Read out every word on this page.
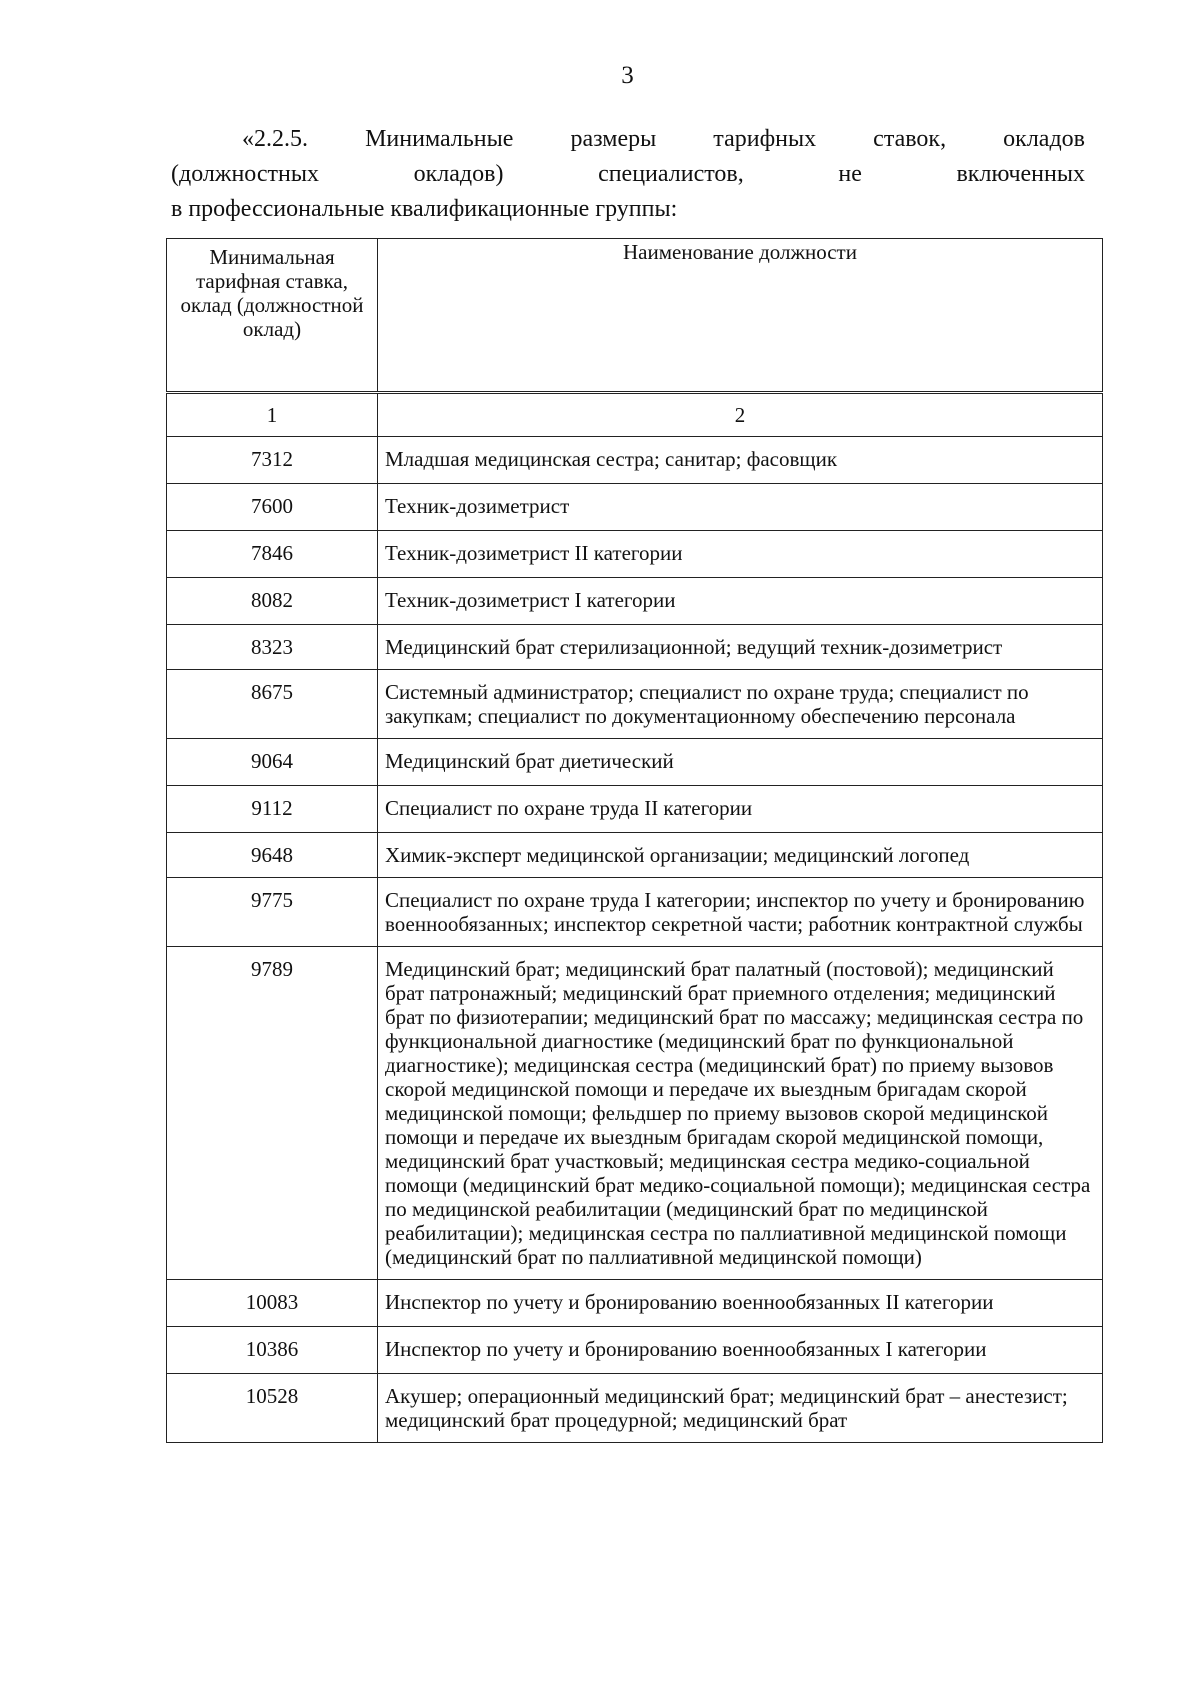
3
«2.2.5. Минимальные размеры тарифных ставок, окладов
(должностных окладов) специалистов, не включенных
в профессиональные квалификационные группы:
Минимальная тарифная ставка, оклад (должностной оклад)	Наименование должности
1	2
7312	Младшая медицинская сестра; санитар; фасовщик
7600	Техник-дозиметрист
7846	Техник-дозиметрист II категории
8082	Техник-дозиметрист I категории
8323	Медицинский брат стерилизационной; ведущий техник-дозиметрист
8675	Системный администратор; специалист по охране труда; специалист по закупкам; специалист по документационному обеспечению персонала
9064	Медицинский брат диетический
9112	Специалист по охране труда II категории
9648	Химик-эксперт медицинской организации; медицинский логопед
9775	Специалист по охране труда I категории; инспектор по учету и бронированию военнообязанных; инспектор секретной части; работник контрактной службы
9789	Медицинский брат; медицинский брат палатный (постовой); медицинский брат патронажный; медицинский брат приемного отделения; медицинский брат по физиотерапии; медицинский брат по массажу; медицинская сестра по функциональной диагностике (медицинский брат по функциональной диагностике); медицинская сестра (медицинский брат) по приему вызовов скорой медицинской помощи и передаче их выездным бригадам скорой медицинской помощи; фельдшер по приему вызовов скорой медицинской помощи и передаче их выездным бригадам скорой медицинской помощи, медицинский брат участковый; медицинская сестра медико-социальной помощи (медицинский брат медико-социальной помощи); медицинская сестра по медицинской реабилитации (медицинский брат по медицинской реабилитации); медицинская сестра по паллиативной медицинской помощи (медицинский брат по паллиативной медицинской помощи)
10083	Инспектор по учету и бронированию военнообязанных II категории
10386	Инспектор по учету и бронированию военнообязанных I категории
10528	Акушер; операционный медицинский брат; медицинский брат – анестезист; медицинский брат процедурной; медицинский брат
